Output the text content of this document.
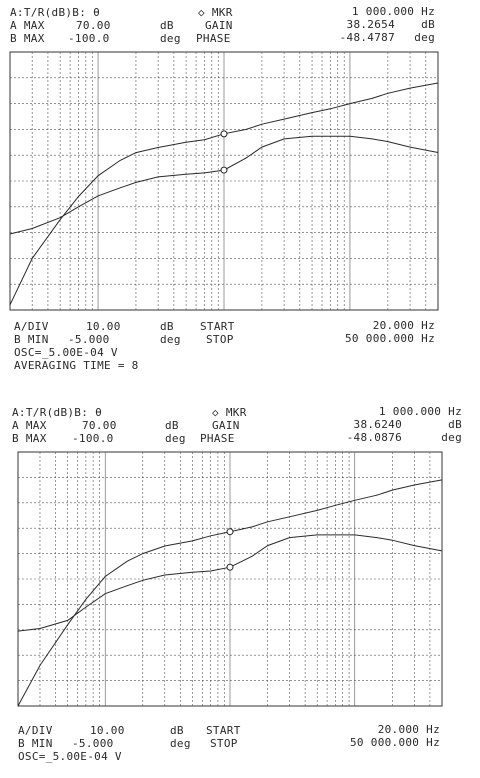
A:T/R(dB)B: θ	◇ MKR	1 000.000 Hz
A MAX	70.00	dB	GAIN	38.2654 dB
B MAX -100.0	deg PHASE	-48.4787 deg
A/DIV	10.00	dB START	20.000 Hz
B MIN -5.000	deg STOP	50 000.000 Hz
OSC=_5.00E-04 V
AVERAGING TIME = 8
A:T/R(dB)B: θ	◇ MKR	1 000.000 Hz
A MAX	70.00	dB	GAIN	38.6240	dB
B MAX -100.0	deg PHASE	-48.0876	deg
A/DIV	10.00	dB START	20.000 Hz
B MIN -5.000	deg STOP	50 000.000 Hz
OSC=_5.00E-04 V
